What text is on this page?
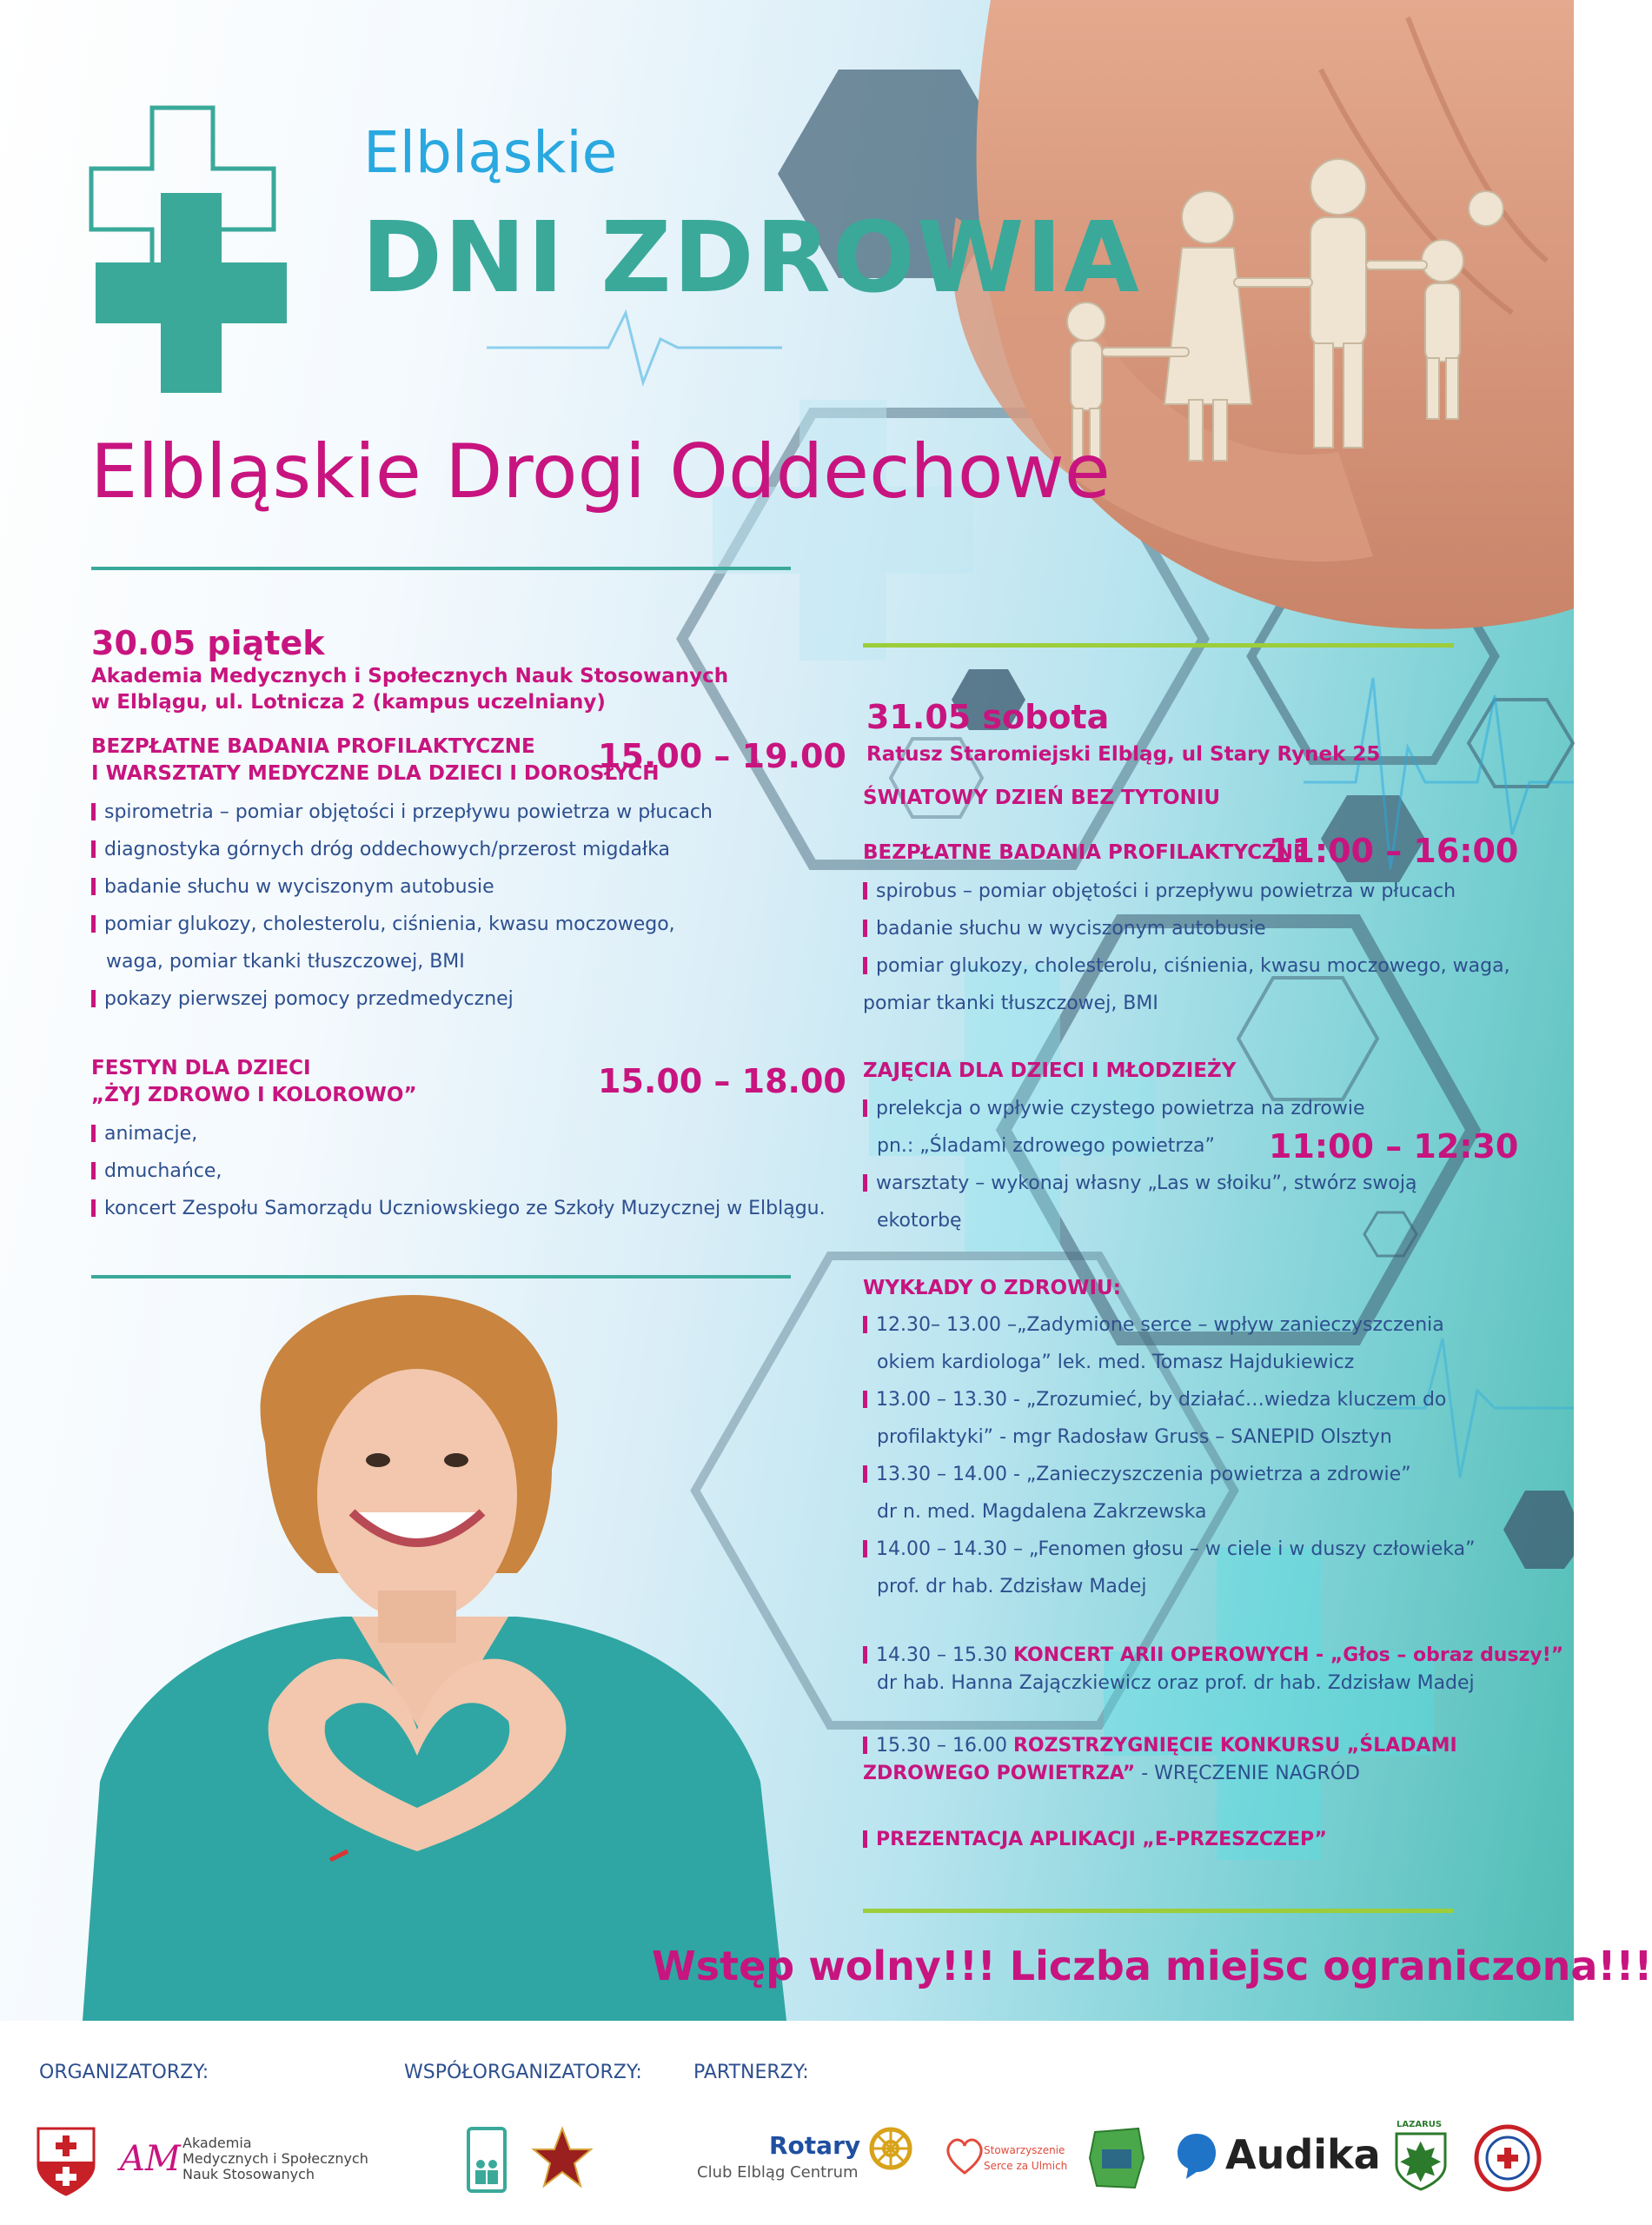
Elbląskie
DNI ZDROWIA
Elbląskie Drogi Oddechowe
30.05 piątek
Akademia Medycznych i Społecznych Nauk Stosowanych
w Elblągu, ul. Lotnicza 2 (kampus uczelniany)
BEZPŁATNE BADANIA PROFILAKTYCZNE
I WARSZTATY MEDYCZNE DLA DZIECI I DOROSŁYCH
15.00 – 19.00
spirometria – pomiar objętości i przepływu powietrza w płucach
diagnostyka górnych dróg oddechowych/przerost migdałka
badanie słuchu w wyciszonym autobusie
pomiar glukozy, cholesterolu, ciśnienia, kwasu moczowego,
waga, pomiar tkanki tłuszczowej, BMI
pokazy pierwszej pomocy przedmedycznej
FESTYN DLA DZIECI
„ŻYJ ZDROWO I KOLOROWO”	15.00 – 18.00
animacje,
dmuchańce,
koncert Zespołu Samorządu Uczniowskiego ze Szkoły Muzycznej w Elblągu.
31.05 sobota
Ratusz Staromiejski Elbląg, ul Stary Rynek 25
ŚWIATOWY DZIEŃ BEZ TYTONIU
BEZPŁATNE BADANIA PROFILAKTYCZNE
11:00 – 16:00
spirobus – pomiar objętości i przepływu powietrza w płucach
badanie słuchu w wyciszonym autobusie
pomiar glukozy, cholesterolu, ciśnienia, kwasu moczowego, waga,
pomiar tkanki tłuszczowej, BMI
ZAJĘCIA DLA DZIECI I MŁODZIEŻY
prelekcja o wpływie czystego powietrza na zdrowie
pn.: „Śladami zdrowego powietrza” 11:00 – 12:30
warsztaty – wykonaj własny „Las w słoiku”, stwórz swoją
ekotorbę
WYKŁADY O ZDROWIU:
12.30– 13.00 –„Zadymione serce – wpływ zanieczyszczenia
okiem kardiologa” lek. med. Tomasz Hajdukiewicz
13.00 – 13.30 - „Zrozumieć, by działać…wiedza kluczem do
profilaktyki” - mgr Radosław Gruss – SANEPID Olsztyn
13.30 – 14.00 - „Zanieczyszczenia powietrza a zdrowie”
dr n. med. Magdalena Zakrzewska
14.00 – 14.30 – „Fenomen głosu – w ciele i w duszy człowieka”
prof. dr hab. Zdzisław Madej
14.30 – 15.30 KONCERT ARII OPEROWYCH - „Głos – obraz duszy!”
dr hab. Hanna Zajączkiewicz oraz prof. dr hab. Zdzisław Madej
15.30 – 16.00 ROZSTRZYGNIĘCIE KONKURSU „ŚLADAMI
ZDROWEGO POWIETRZA” - WRĘCZENIE NAGRÓD
PREZENTACJA APLIKACJI „E-PRZESZCZEP”
Wstęp wolny!!! Liczba miejsc ograniczona!!!
ORGANIZATORZY:	WSPÓŁORGANIZATORZY:	PARTNERZY:
AM Akademia
Medycznych i Społecznych
Nauk Stosowanych
Rotary
Club Elbląg Centrum
Stowarzyszenie
Serce za Ulmich	Audika
LAZARUS
